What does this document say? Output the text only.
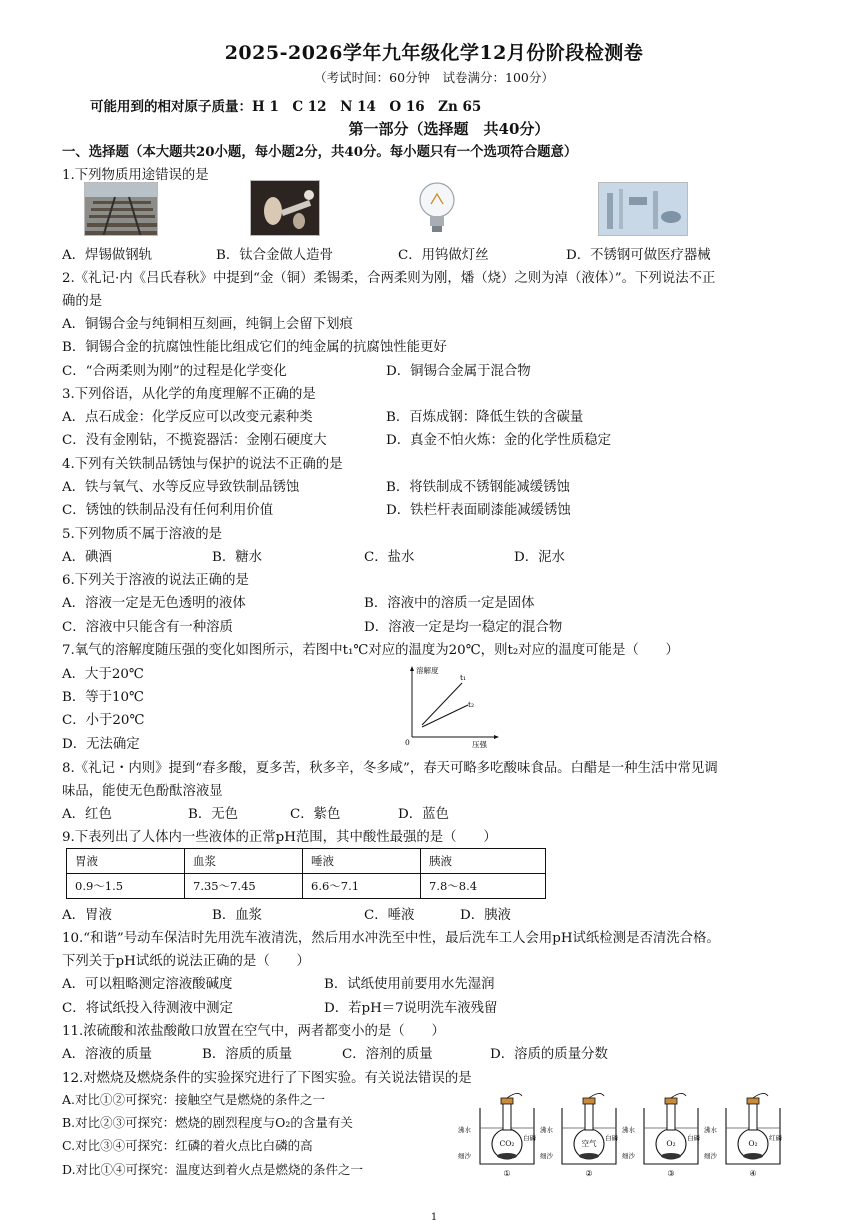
2025-2026学年九年级化学12月份阶段检测卷
（考试时间：60分钟　试卷满分：100分）
可能用到的相对原子质量：H 1　C 12　N 14　O 16　Zn 65
第一部分（选择题　共40分）
一、选择题（本大题共20小题，每小题2分，共40分。每小题只有一个选项符合题意）
1.下列物质用途错误的是
A．焊锡做钢轨	B．钛合金做人造骨	C．用钨做灯丝	D．不锈钢可做医疗器械
2.《礼记·内《吕氏春秋》中提到“金（铜）柔锡柔，合两柔则为刚，燔（烧）之则为淖（液体）”。下列说法不正
确的是
A．铜锡合金与纯铜相互刻画，纯铜上会留下划痕
B．铜锡合金的抗腐蚀性能比组成它们的纯金属的抗腐蚀性能更好
C．“合两柔则为刚”的过程是化学变化	D．铜锡合金属于混合物
3.下列俗语，从化学的角度理解不正确的是
A．点石成金：化学反应可以改变元素种类	B．百炼成钢：降低生铁的含碳量
C．没有金刚钻，不揽瓷器活：金刚石硬度大	D．真金不怕火炼：金的化学性质稳定
4.下列有关铁制品锈蚀与保护的说法不正确的是
A．铁与氧气、水等反应导致铁制品锈蚀	B．将铁制成不锈钢能减缓锈蚀
C．锈蚀的铁制品没有任何利用价值	D．铁栏杆表面刷漆能减缓锈蚀
5.下列物质不属于溶液的是
A．碘酒	B．糖水	C．盐水	D．泥水
6.下列关于溶液的说法正确的是
A．溶液一定是无色透明的液体	B．溶液中的溶质一定是固体
C．溶液中只能含有一种溶质	D．溶液一定是均一稳定的混合物
7.氧气的溶解度随压强的变化如图所示，若图中t₁℃对应的温度为20℃，则t₂对应的温度可能是（　　）
A．大于20℃
B．等于10℃
C．小于20℃
D．无法确定
溶解度
0	压强
t₁
t₂
8.《礼记・内则》提到“春多酸，夏多苦，秋多辛，冬多咸”，春天可略多吃酸味食品。白醋是一种生活中常见调
味品，能使无色酚酞溶液显
A．红色	B．无色	C．紫色	D．蓝色
9.下表列出了人体内一些液体的正常pH范围，其中酸性最强的是（　　）
胃液	血浆	唾液	胰液
0.9～1.5	7.35～7.45	6.6～7.1	7.8～8.4
A．胃液	B．血浆	C．唾液	D．胰液
10.“和谐”号动车保洁时先用洗车液清洗，然后用水冲洗至中性，最后洗车工人会用pH试纸检测是否清洗合格。
下列关于pH试纸的说法正确的是（　　）
A．可以粗略测定溶液酸碱度	B．试纸使用前要用水先湿润
C．将试纸投入待测液中测定	D．若pH＝7说明洗车液残留
11.浓硫酸和浓盐酸敞口放置在空气中，两者都变小的是（　　）
A．溶液的质量	B．溶质的质量	C．溶剂的质量	D．溶质的质量分数
12.对燃烧及燃烧条件的实验探究进行了下图实验。有关说法错误的是
A.对比①②可探究：接触空气是燃烧的条件之一
B.对比②③可探究：燃烧的剧烈程度与O₂的含量有关
C.对比③④可探究：红磷的着火点比白磷的高
D.对比①④可探究：温度达到着火点是燃烧的条件之一
CO₂
①
沸水
细沙
白磷
空气
②
沸水
细沙
白磷
O₂
③
沸水
细沙
白磷
O₂
④
沸水
细沙
红磷
1
